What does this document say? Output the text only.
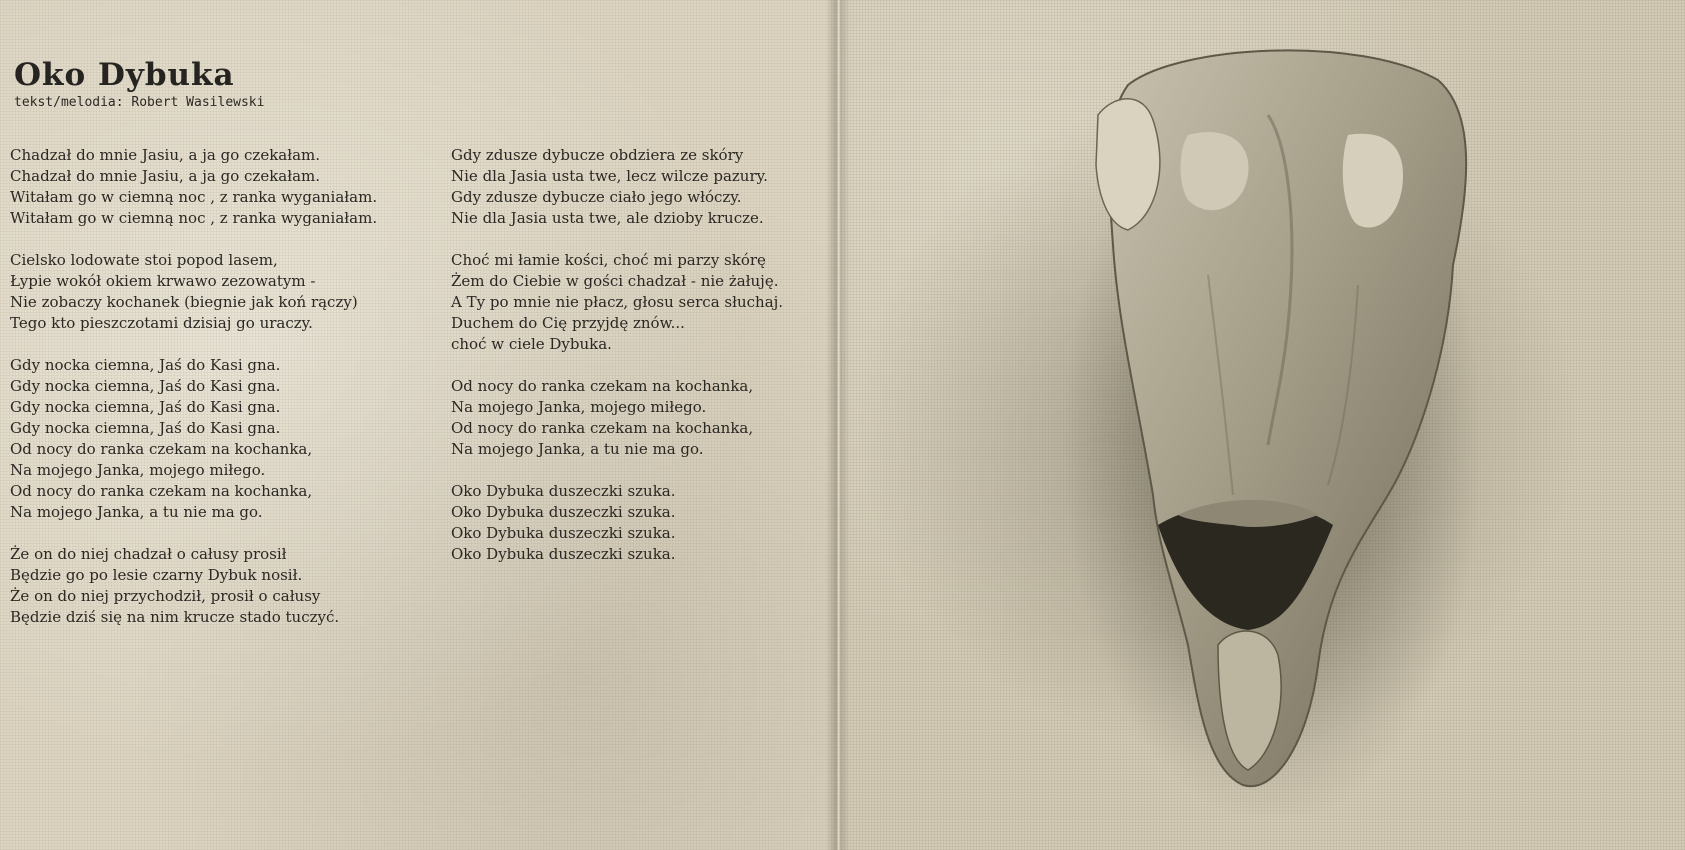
Oko Dybuka
tekst/melodia: Robert Wasilewski
Chadzał do mnie Jasiu, a ja go czekałam.
Chadzał do mnie Jasiu, a ja go czekałam.
Witałam go w ciemną noc , z ranka wyganiałam.
Witałam go w ciemną noc , z ranka wyganiałam.
Cielsko lodowate stoi popod lasem,
Łypie wokół okiem krwawo zezowatym -
Nie zobaczy kochanek (biegnie jak koń rączy)
Tego kto pieszczotami dzisiaj go uraczy.
Gdy nocka ciemna, Jaś do Kasi gna.
Gdy nocka ciemna, Jaś do Kasi gna.
Gdy nocka ciemna, Jaś do Kasi gna.
Gdy nocka ciemna, Jaś do Kasi gna.
Od nocy do ranka czekam na kochanka,
Na mojego Janka, mojego miłego.
Od nocy do ranka czekam na kochanka,
Na mojego Janka, a tu nie ma go.
Że on do niej chadzał o całusy prosił
Będzie go po lesie czarny Dybuk nosił.
Że on do niej przychodził, prosił o całusy
Będzie dziś się na nim krucze stado tuczyć.
Gdy zdusze dybucze obdziera ze skóry
Nie dla Jasia usta twe, lecz wilcze pazury.
Gdy zdusze dybucze ciało jego włóczy.
Nie dla Jasia usta twe, ale dzioby krucze.
Choć mi łamie kości, choć mi parzy skórę
Żem do Ciebie w gości chadzał - nie żałuję.
A Ty po mnie nie płacz, głosu serca słuchaj.
Duchem do Cię przyjdę znów...
choć w ciele Dybuka.
Od nocy do ranka czekam na kochanka,
Na mojego Janka, mojego miłego.
Od nocy do ranka czekam na kochanka,
Na mojego Janka, a tu nie ma go.
Oko Dybuka duszeczki szuka.
Oko Dybuka duszeczki szuka.
Oko Dybuka duszeczki szuka.
Oko Dybuka duszeczki szuka.
